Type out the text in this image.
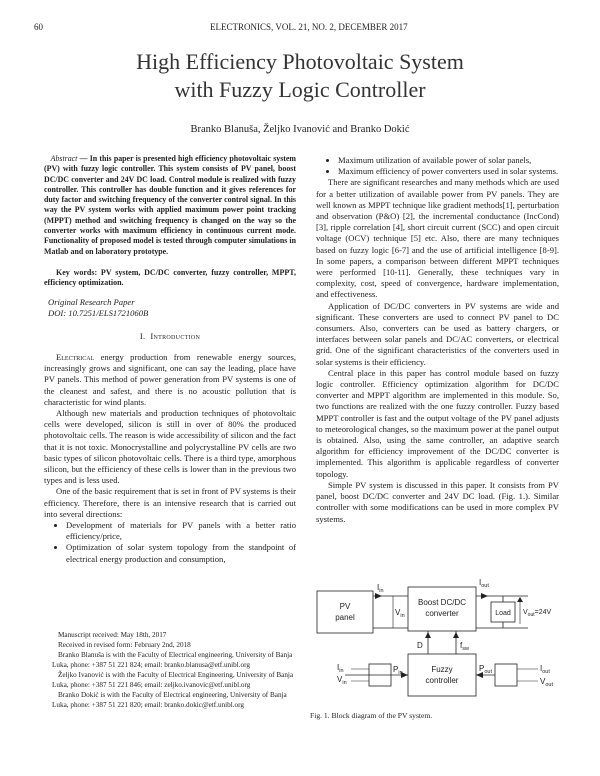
60	ELECTRONICS, VOL. 21, NO. 2, DECEMBER 2017
High Efficiency Photovoltaic System
with Fuzzy Logic Controller
Branko Blanuša, Željko Ivanović and Branko Dokić
Abstract — In this paper is presented high efficiency photovoltaic system (PV) with fuzzy logic controller. This system consists of PV panel, boost DC/DC converter and 24V DC load. Control module is realized with fuzzy controller. This controller has double function and it gives references for duty factor and switching frequency of the converter control signal. In this way the PV system works with applied maximum power point tracking (MPPT) method and switching frequency is changed on the way so the converter works with maximum efficiency in continuous current mode. Functionality of proposed model is tested through computer simulations in Matlab and on laboratory prototype.
Key words: PV system, DC/DC converter, fuzzy controller, MPPT, efficiency optimization.
Original Research Paper
DOI: 10.7251/ELS1721060B
I. Introduction

Electrical energy production from renewable energy sources, increasingly grows and significant, one can say the leading, place have PV panels. This method of power generation from PV systems is one of the cleanest and safest, and there is no acoustic pollution that is characteristic for wind plants.

Although new materials and production techniques of photovoltaic cells were developed, silicon is still in over of 80% the produced photovoltaic cells. The reason is wide accessibility of silicon and the fact that it is not toxic. Monocrystalline and polycrystalline PV cells are two basic types of silicon photovoltaic cells. There is a third type, amorphous silicon, but the efficiency of these cells is lower than in the previous two types and is less used.

One of the basic requirement that is set in front of PV systems is their efficiency. Therefore, there is an intensive research that is carried out into several directions:

• Development of materials for PV panels with a better ratio efficiency/price,
• Optimization of solar system topology from the standpoint of electrical energy production and consumption,
Manuscript received: May 18th, 2017
Received in revised form: February 2nd, 2018
Branko Blanuša is with the Faculty of Electrical engineering, University of Banja Luka, phone: +387 51 221 824; email: branko.blanusa@etf.unibl.org
Željko Ivanović is with the Faculty of Electrical Engineering, University of Banja Luka, phone: +387 51 221 846; email: zeljko.ivanovic@etf.unibl.org
Branko Dokić is with the Faculty of Electrical engineering, University of Banja Luka, phone: +387 51 221 820; email: branko.dokic@etf.unibl.org
• Maximum utilization of available power of solar panels,
• Maximum efficiency of power converters used in solar systems.

There are significant researches and many methods which are used for a better utilization of available power from PV panels. They are well known as MPPT technique like gradient methods[1], perturbation and observation (P&O) [2], the incremental conductance (IncCond) [3], ripple correlation [4], short circuit current (SCC) and open circuit voltage (OCV) technique [5] etc. Also, there are many techniques based on fuzzy logic [6-7] and the use of artificial intelligence [8-9]. In some papers, a comparison between different MPPT techniques were performed [10-11]. Generally, these techniques vary in complexity, cost, speed of convergence, hardware implementation, and effectiveness.

Application of DC/DC converters in PV systems are wide and significant. These converters are used to connect PV panel to DC consumers. Also, converters can be used as battery chargers, or interfaces between solar panels and DC/AC converters, or electrical grid. One of the significant characteristics of the converters used in solar systems is their efficiency.

Central place in this paper has control module based on fuzzy logic controller. Efficiency optimization algorithm for DC/DC converter and MPPT algorithm are implemented in this module. So, two functions are realized with the one fuzzy controller. Fuzzy based MPPT controller is fast and the output voltage of the PV panel adjusts to meteorological changes, so the maximum power at the panel output is obtained. Also, using the same controller, an adaptive search algorithm for efficiency improvement of the DC/DC converter is implemented. This algorithm is applicable regardless of converter topology.

Simple PV system is discussed in this paper. It consists from PV panel, boost DC/DC converter and 24V DC load. (Fig. 1.). Similar controller with some modifications can be used in more complex PV systems.

PV
panel
Boost DC/DC
converter
$I_{in}$
$V_{in}$
$I_{out}$
Load $V_{out}=24V$
Fuzzy
controller
D	$f_{sw}$
$P_{in}$
$I_{in}$
$V_{in}$
$P_{out}$	$I_{out}$
$V_{out}$
Fig. 1. Block diagram of the PV system.
